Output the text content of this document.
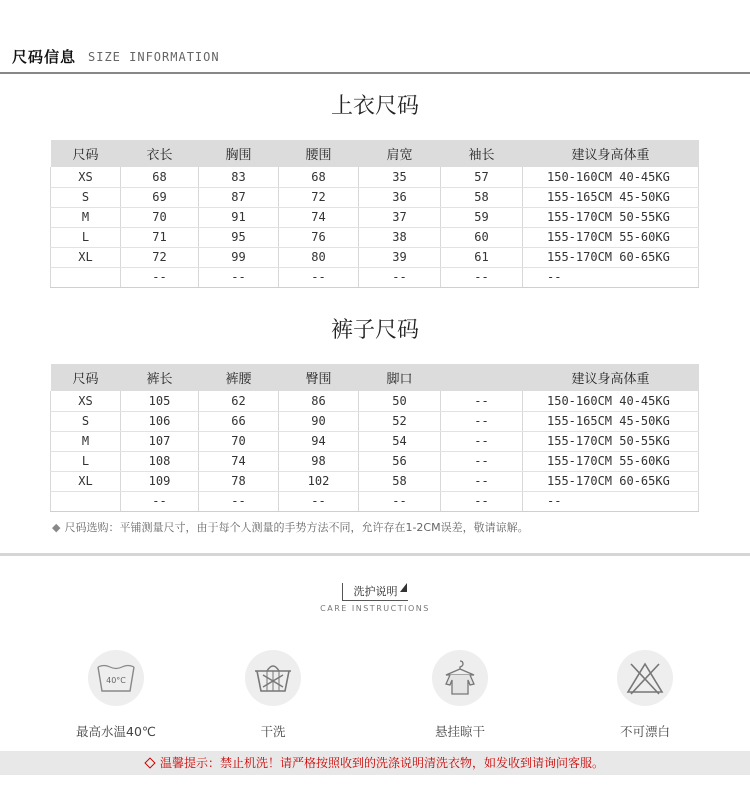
尺码信息 SIZE INFORMATION
上衣尺码
尺码	衣长	胸围	腰围	肩宽	袖长	建议身高体重
XS	68	83	68	35	57	150-160CM 40-45KG
S	69	87	72	36	58	155-165CM 45-50KG
M	70	91	74	37	59	155-170CM 50-55KG
L	71	95	76	38	60	155-170CM 55-60KG
XL	72	99	80	39	61	155-170CM 60-65KG
	--	--	--	--	--	--
裤子尺码
尺码	裤长	裤腰	臀围	脚口		建议身高体重
XS	105	62	86	50	--	150-160CM 40-45KG
S	106	66	90	52	--	155-165CM 45-50KG
M	107	70	94	54	--	155-170CM 50-55KG
L	108	74	98	56	--	155-170CM 55-60KG
XL	109	78	102	58	--	155-170CM 60-65KG
	--	--	--	--	--	--
◆ 尺码选购：平铺测量尺寸，由于每个人测量的手势方法不同，允许存在1-2CM误差，敬请谅解。
洗护说明
CARE INSTRUCTIONS
40°C
最高水温40℃	干洗	悬挂晾干	不可漂白
温馨提示：禁止机洗！请严格按照收到的洗涤说明清洗衣物，如发收到请询问客服。
